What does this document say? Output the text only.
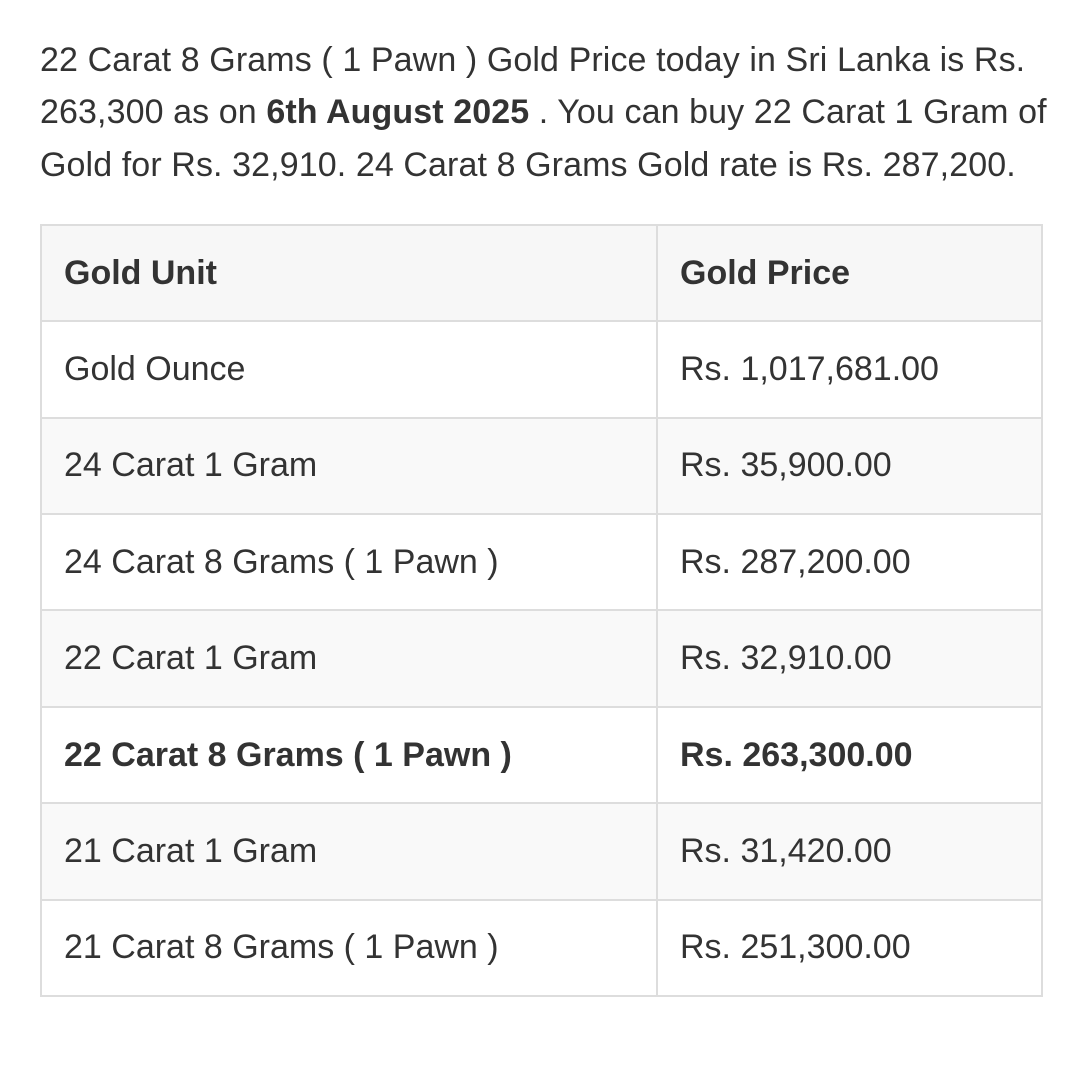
22 Carat 8 Grams ( 1 Pawn ) Gold Price today in Sri Lanka is Rs. 263,300 as on 6th August 2025 . You can buy 22 Carat 1 Gram of Gold for Rs. 32,910. 24 Carat 8 Grams Gold rate is Rs. 287,200.

Gold Unit	Gold Price
Gold Ounce	Rs. 1,017,681.00
24 Carat 1 Gram	Rs. 35,900.00
24 Carat 8 Grams ( 1 Pawn )	Rs. 287,200.00
22 Carat 1 Gram	Rs. 32,910.00
22 Carat 8 Grams ( 1 Pawn )	Rs. 263,300.00
21 Carat 1 Gram	Rs. 31,420.00
21 Carat 8 Grams ( 1 Pawn )	Rs. 251,300.00
